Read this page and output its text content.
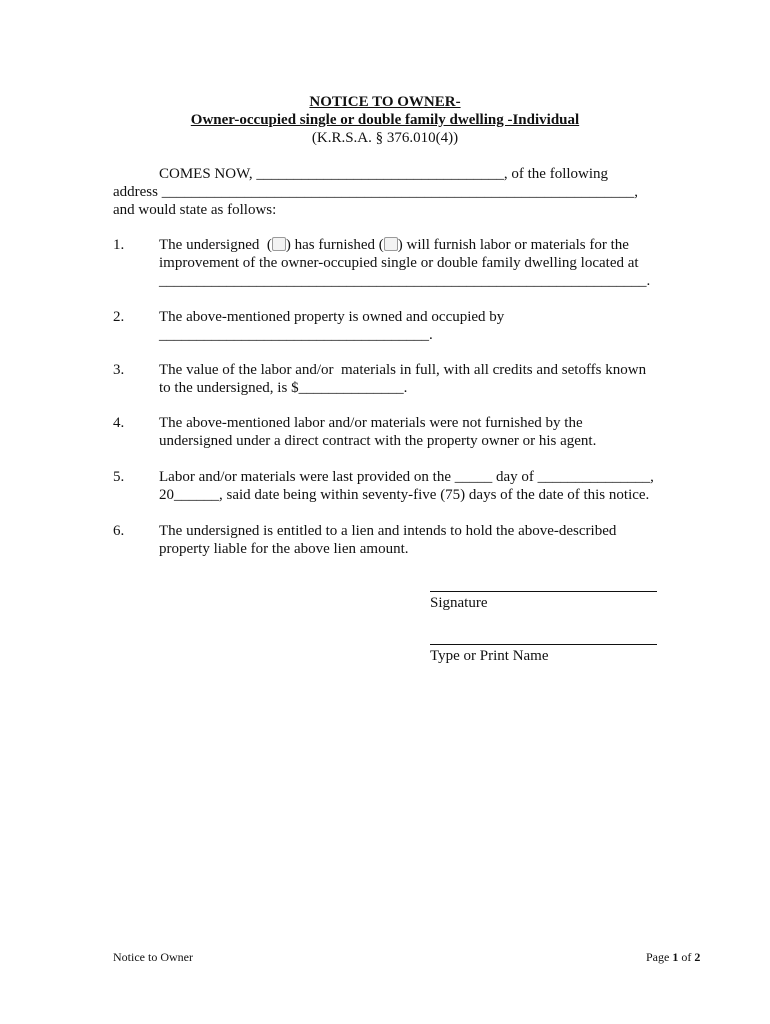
NOTICE TO OWNER-
Owner-occupied single or double family dwelling -Individual
(K.R.S.A. § 376.010(4))
COMES NOW, _________________________________, of the following
address _______________________________________________________________,
and would state as follows:
1. The undersigned  ( ) has furnished ( ) will furnish labor or materials for the
improvement of the owner-occupied single or double family dwelling located at
_________________________________________________________________.
2. The above-mentioned property is owned and occupied by
____________________________________.
3. The value of the labor and/or  materials in full, with all credits and setoffs known
to the undersigned, is $______________.
4. The above-mentioned labor and/or materials were not furnished by the
undersigned under a direct contract with the property owner or his agent.
5. Labor and/or materials were last provided on the _____ day of _______________,
20______, said date being within seventy-five (75) days of the date of this notice.
6. The undersigned is entitled to a lien and intends to hold the above-described
property liable for the above lien amount.
Signature
Type or Print Name
Notice to Owner	Page 1 of 2
